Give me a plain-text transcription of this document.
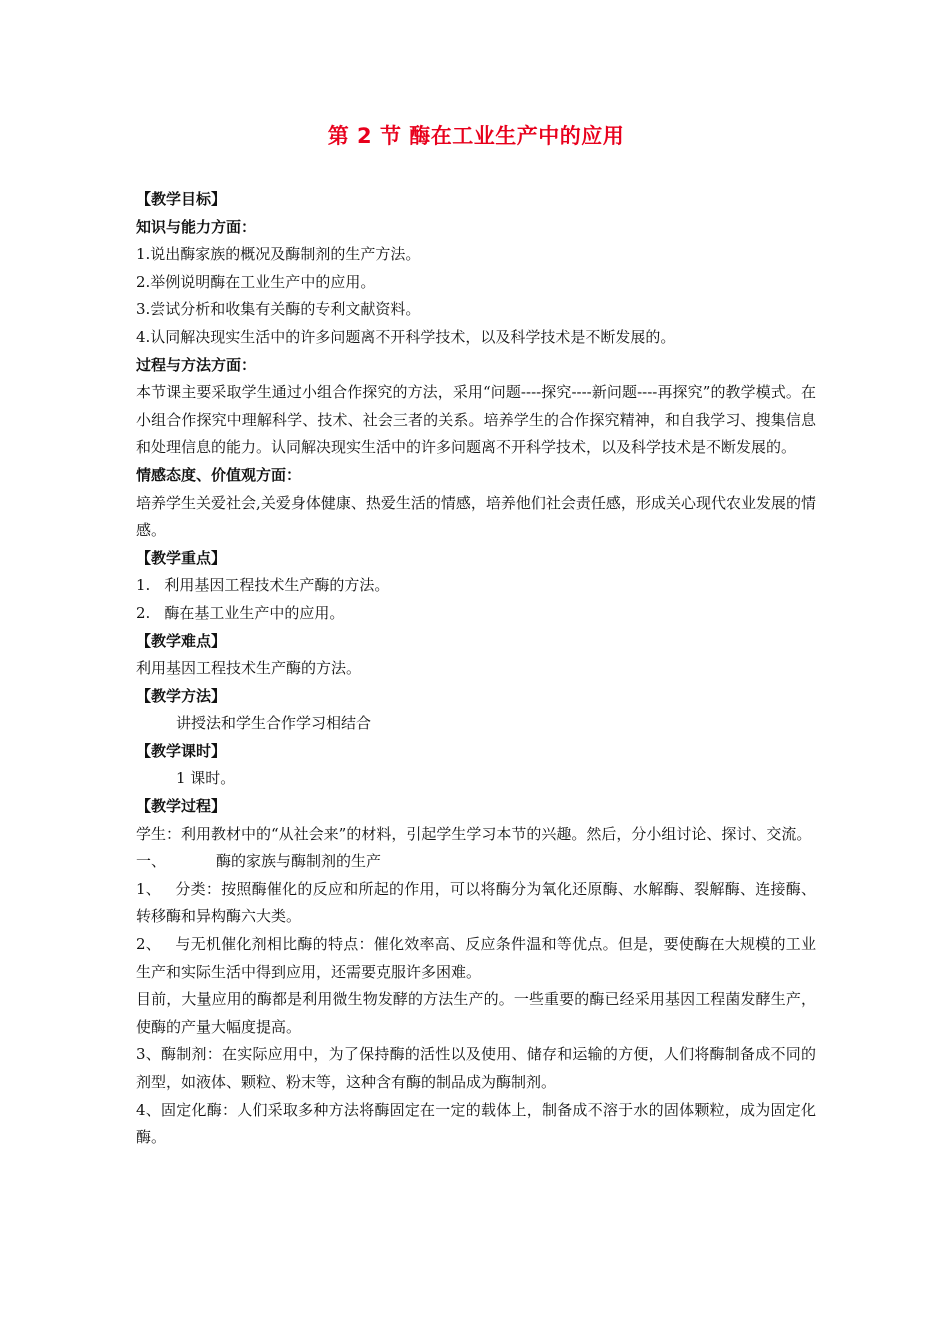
第 2 节 酶在工业生产中的应用
【教学目标】
知识与能力方面：
1.说出酶家族的概况及酶制剂的生产方法。
2.举例说明酶在工业生产中的应用。
3.尝试分析和收集有关酶的专利文献资料。
4.认同解决现实生活中的许多问题离不开科学技术，以及科学技术是不断发展的。
过程与方法方面：
本节课主要采取学生通过小组合作探究的方法，采用“问题----探究----新问题----再探究”的教学模式。在小组合作探究中理解科学、技术、社会三者的关系。培养学生的合作探究精神，和自我学习、搜集信息和处理信息的能力。认同解决现实生活中的许多问题离不开科学技术，以及科学技术是不断发展的。
情感态度、价值观方面：
培养学生关爱社会,关爱身体健康、热爱生活的情感，培养他们社会责任感，形成关心现代农业发展的情感。
【教学重点】
1. 利用基因工程技术生产酶的方法。
2. 酶在基工业生产中的应用。
【教学难点】
利用基因工程技术生产酶的方法。
【教学方法】
讲授法和学生合作学习相结合
【教学课时】
1 课时。
【教学过程】
学生：利用教材中的“从社会来”的材料，引起学生学习本节的兴趣。然后，分小组讨论、探讨、交流。
一、	酶的家族与酶制剂的生产
1、 分类：按照酶催化的反应和所起的作用，可以将酶分为氧化还原酶、水解酶、裂解酶、连接酶、转移酶和异构酶六大类。
2、 与无机催化剂相比酶的特点：催化效率高、反应条件温和等优点。但是，要使酶在大规模的工业生产和实际生活中得到应用，还需要克服许多困难。
目前，大量应用的酶都是利用微生物发酵的方法生产的。一些重要的酶已经采用基因工程菌发酵生产，使酶的产量大幅度提高。
3、酶制剂：在实际应用中，为了保持酶的活性以及使用、储存和运输的方便，人们将酶制备成不同的剂型，如液体、颗粒、粉末等，这种含有酶的制品成为酶制剂。
4、固定化酶：人们采取多种方法将酶固定在一定的载体上，制备成不溶于水的固体颗粒，成为固定化酶。
